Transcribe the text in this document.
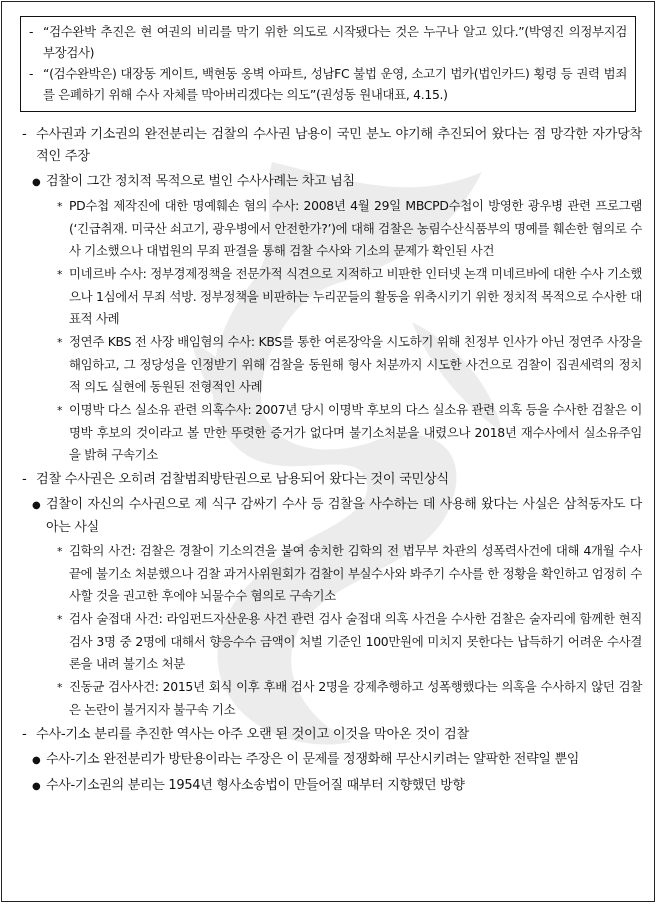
- “검수완박 추진은 현 여권의 비리를 막기 위한 의도로 시작됐다는 것은 누구나 알고 있다.”(박영진 의정부지검 부장검사)
- “(검수완박은) 대장동 게이트, 백현동 옹벽 아파트, 성남FC 불법 운영, 소고기 법카(법인카드) 횡령 등 권력 범죄를 은폐하기 위해 수사 자체를 막아버리겠다는 의도”(권성동 원내대표, 4.15.)
- 수사권과 기소권의 완전분리는 검찰의 수사권 남용이 국민 분노 야기해 추진되어 왔다는 점 망각한 자가당착적인 주장
● 검찰이 그간 정치적 목적으로 벌인 수사사례는 차고 넘침
* PD수첩 제작진에 대한 명예훼손 혐의 수사: 2008년 4월 29일 MBCPD수첩이 방영한 광우병 관련 프로그램(‘긴급취재. 미국산 쇠고기, 광우병에서 안전한가?’)에 대해 검찰은 농림수산식품부의 명예를 훼손한 혐의로 수사 기소했으나 대법원의 무죄 판결을 통해 검찰 수사와 기소의 문제가 확인된 사건
* 미네르바 수사: 정부경제정책을 전문가적 식견으로 지적하고 비판한 인터넷 논객 미네르바에 대한 수사 기소했으나 1심에서 무죄 석방. 정부정책을 비판하는 누리꾼들의 활동을 위축시키기 위한 정치적 목적으로 수사한 대표적 사례
* 정연주 KBS 전 사장 배임혐의 수사: KBS를 통한 여론장악을 시도하기 위해 친정부 인사가 아닌 정연주 사장을 해임하고, 그 정당성을 인정받기 위해 검찰을 동원해 형사 처분까지 시도한 사건으로 검찰이 집권세력의 정치적 의도 실현에 동원된 전형적인 사례
* 이명박 다스 실소유 관련 의혹수사: 2007년 당시 이명박 후보의 다스 실소유 관련 의혹 등을 수사한 검찰은 이명박 후보의 것이라고 볼 만한 뚜렷한 증거가 없다며 불기소처분을 내렸으나 2018년 재수사에서 실소유주임을 밝혀 구속기소
- 검찰 수사권은 오히려 검찰범죄방탄권으로 남용되어 왔다는 것이 국민상식
● 검찰이 자신의 수사권으로 제 식구 감싸기 수사 등 검찰을 사수하는 데 사용해 왔다는 사실은 삼척동자도 다 아는 사실
* 김학의 사건: 검찰은 경찰이 기소의견을 붙여 송치한 김학의 전 법무부 차관의 성폭력사건에 대해 4개월 수사 끝에 불기소 처분했으나 검찰 과거사위원회가 검찰이 부실수사와 봐주기 수사를 한 정황을 확인하고 엄정히 수사할 것을 권고한 후에야 뇌물수수 혐의로 구속기소
* 검사 술접대 사건: 라임펀드자산운용 사건 관련 검사 술접대 의혹 사건을 수사한 검찰은 술자리에 함께한 현직 검사 3명 중 2명에 대해서 향응수수 금액이 처벌 기준인 100만원에 미치지 못한다는 납득하기 어려운 수사결론을 내려 불기소 처분
* 진동균 검사사건: 2015년 회식 이후 후배 검사 2명을 강제추행하고 성폭행했다는 의혹을 수사하지 않던 검찰은 논란이 불거지자 불구속 기소
- 수사-기소 분리를 추진한 역사는 아주 오랜 된 것이고 이것을 막아온 것이 검찰
● 수사-기소 완전분리가 방탄용이라는 주장은 이 문제를 정쟁화해 무산시키려는 얄팍한 전략일 뿐임
● 수사-기소권의 분리는 1954년 형사소송법이 만들어질 때부터 지향했던 방향
